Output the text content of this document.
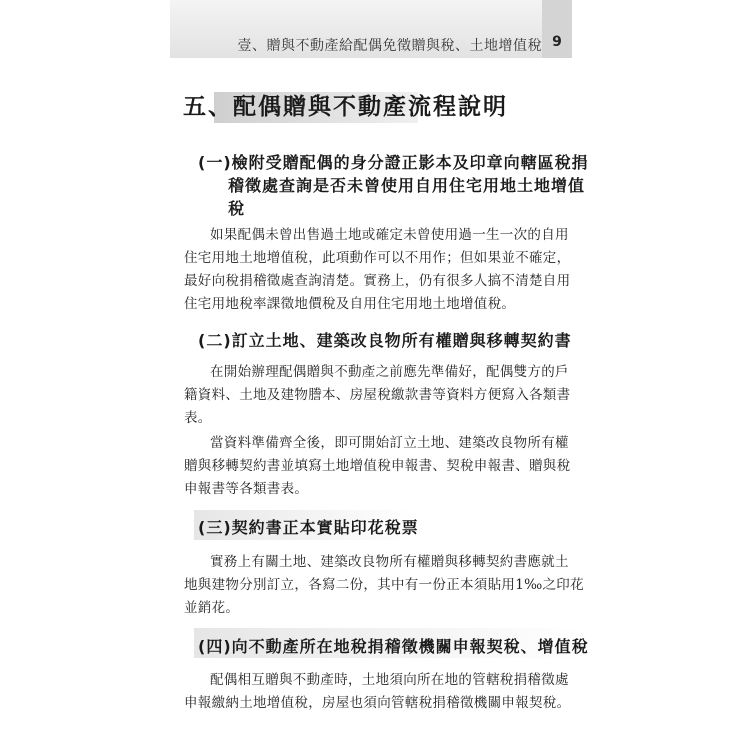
壹、贈與不動產給配偶免徵贈與稅、土地增值稅 9
五、配偶贈與不動產流程說明
(一)檢附受贈配偶的身分證正影本及印章向轄區稅捐
稽徵處查詢是否未曾使用自用住宅用地土地增值
稅
如果配偶未曾出售過土地或確定未曾使用過一生一次的自用
住宅用地土地增值稅，此項動作可以不用作；但如果並不確定，
最好向稅捐稽徵處查詢清楚。實務上，仍有很多人搞不清楚自用
住宅用地稅率課徵地價稅及自用住宅用地土地增值稅。
(二)訂立土地、建築改良物所有權贈與移轉契約書
在開始辦理配偶贈與不動產之前應先準備好，配偶雙方的戶
籍資料、土地及建物謄本、房屋稅繳款書等資料方便寫入各類書
表。
當資料準備齊全後，即可開始訂立土地、建築改良物所有權
贈與移轉契約書並填寫土地增值稅申報書、契稅申報書、贈與稅
申報書等各類書表。
(三)契約書正本實貼印花稅票
實務上有關土地、建築改良物所有權贈與移轉契約書應就土
地與建物分別訂立，各寫二份，其中有一份正本須貼用1‰之印花
並銷花。
(四)向不動產所在地稅捐稽徵機關申報契稅、增值稅
配偶相互贈與不動產時，土地須向所在地的管轄稅捐稽徵處
申報繳納土地增值稅，房屋也須向管轄稅捐稽徵機關申報契稅。
